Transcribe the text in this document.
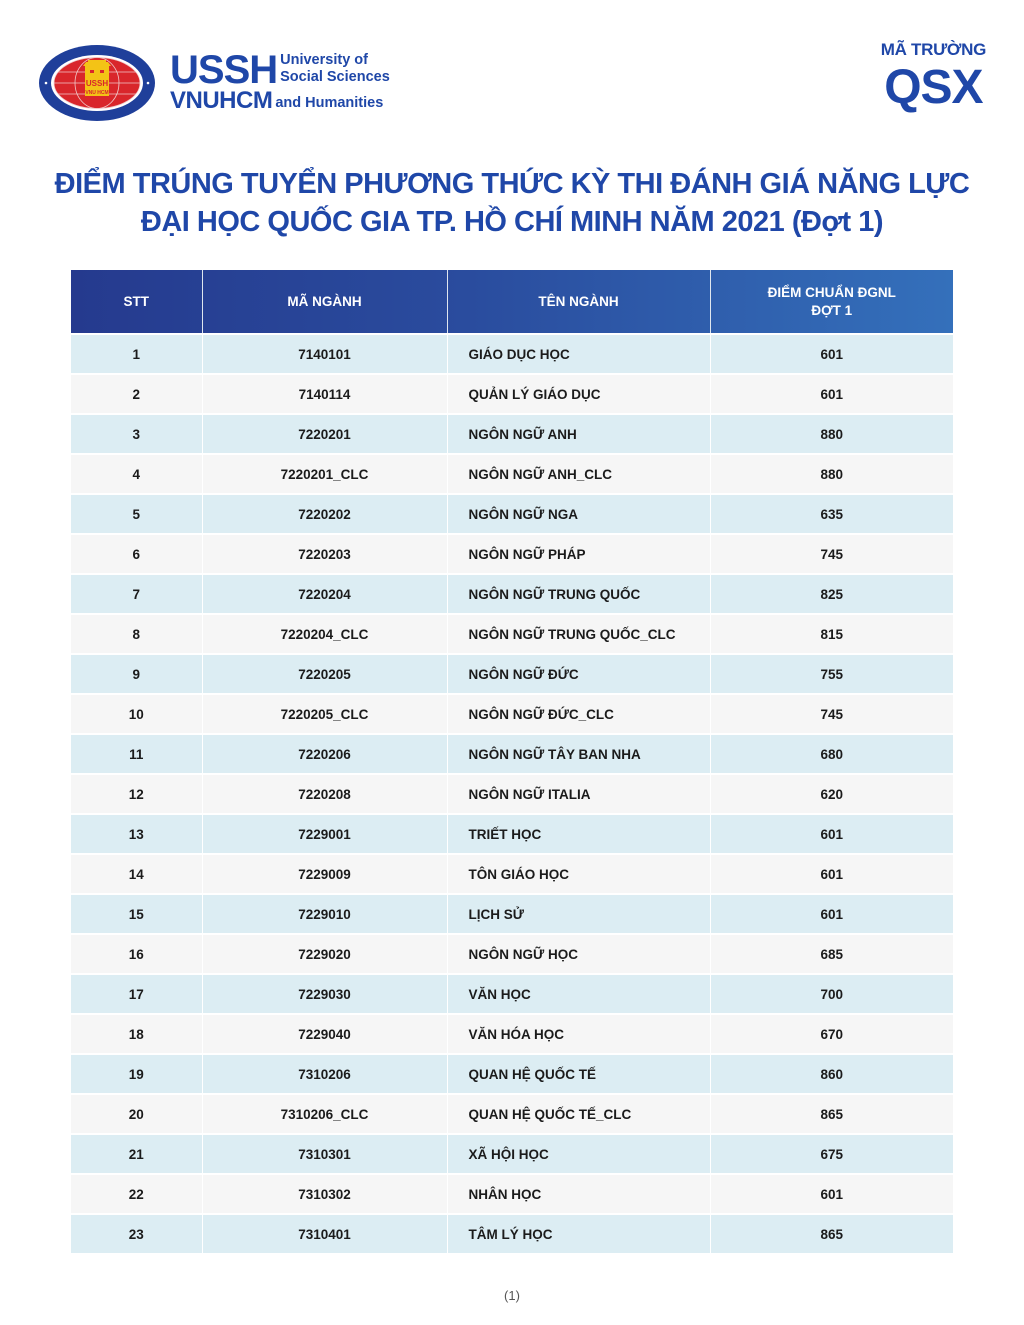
USSH
VNU HCM
USSH University of
Social Sciences
VNUHCM and Humanities
MÃ TRƯỜNG
QSX
ĐIỂM TRÚNG TUYỂN PHƯƠNG THỨC KỲ THI ĐÁNH GIÁ NĂNG LỰC
ĐẠI HỌC QUỐC GIA TP. HỒ CHÍ MINH NĂM 2021 (Đợt 1)
STT	MÃ NGÀNH	TÊN NGÀNH	ĐIỂM CHUẨN ĐGNL
ĐỢT 1

1	7140101	GIÁO DỤC HỌC	601
2	7140114	QUẢN LÝ GIÁO DỤC	601
3	7220201	NGÔN NGỮ ANH	880
4	7220201_CLC	NGÔN NGỮ ANH_CLC	880
5	7220202	NGÔN NGỮ NGA	635
6	7220203	NGÔN NGỮ PHÁP	745
7	7220204	NGÔN NGỮ TRUNG QUỐC	825
8	7220204_CLC	NGÔN NGỮ TRUNG QUỐC_CLC	815
9	7220205	NGÔN NGỮ ĐỨC	755
10	7220205_CLC	NGÔN NGỮ ĐỨC_CLC	745
11	7220206	NGÔN NGỮ TÂY BAN NHA	680
12	7220208	NGÔN NGỮ ITALIA	620
13	7229001	TRIẾT HỌC	601
14	7229009	TÔN GIÁO HỌC	601
15	7229010	LỊCH SỬ	601
16	7229020	NGÔN NGỮ HỌC	685
17	7229030	VĂN HỌC	700
18	7229040	VĂN HÓA HỌC	670
19	7310206	QUAN HỆ QUỐC TẾ	860
20	7310206_CLC	QUAN HỆ QUỐC TẾ_CLC	865
21	7310301	XÃ HỘI HỌC	675
22	7310302	NHÂN HỌC	601
23	7310401	TÂM LÝ HỌC	865
(1)
